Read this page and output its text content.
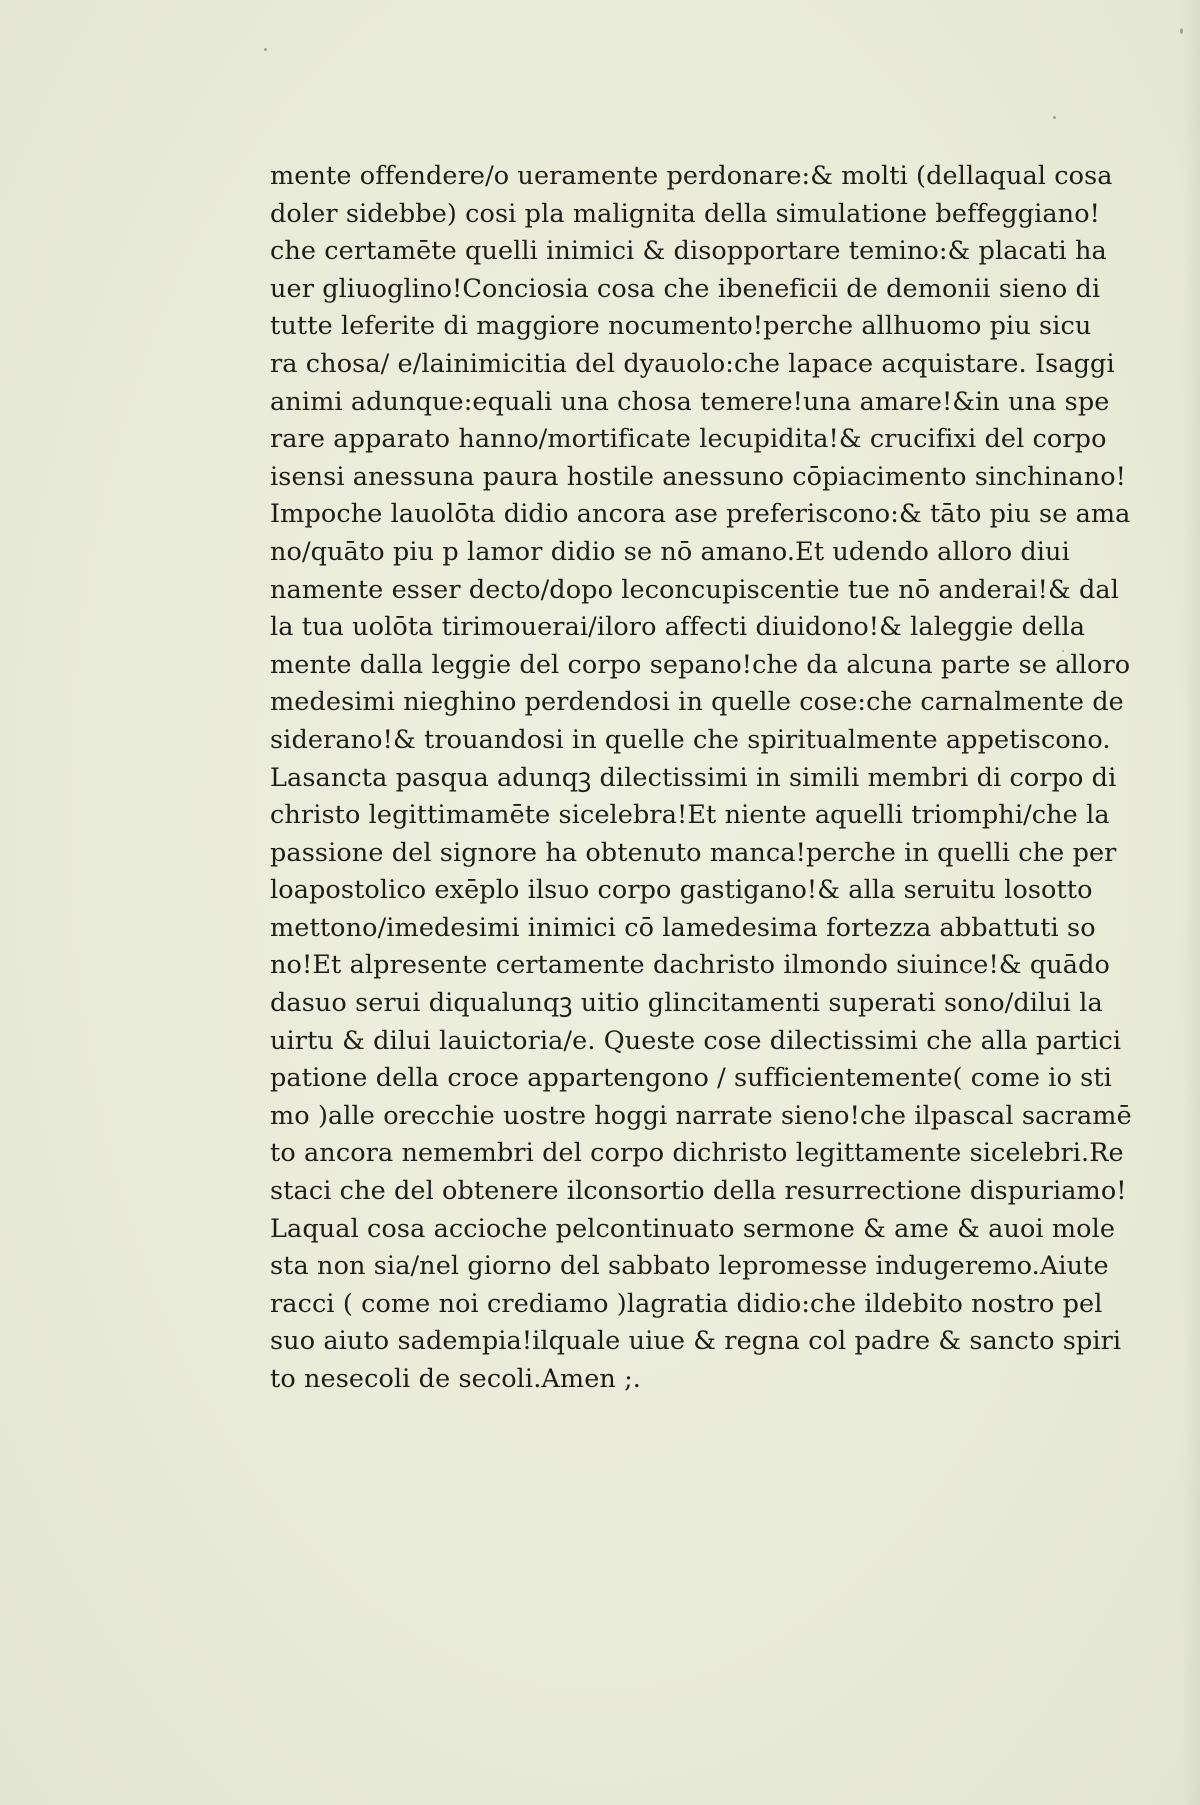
mente offendere/o ueramente perdonare:& molti (dellaqual cosa
doler sidebbe) cosi pla malignita della simulatione beffeggiano!
che certamēte quelli inimici & disopportare temino:& placati ha
uer gliuoglino!Conciosia cosa che ibeneficii de demonii sieno di
tutte leferite di maggiore nocumento!perche allhuomo piu sicu
ra chosa/ e/lainimicitia del dyauolo:che lapace acquistare. Isaggi
animi adunque:equali una chosa temere!una amare!&in una spe
rare apparato hanno/mortificate lecupidita!& crucifixi del corpo
isensi anessuna paura hostile anessuno cōpiacimento sinchinano!
Impoche lauolōta didio ancora ase preferiscono:& tāto piu se ama
no/quāto piu p lamor didio se nō amano.Et udendo alloro diui
namente esser decto/dopo leconcupiscentie tue nō anderai!& dal
la tua uolōta tirimouerai/iloro affecti diuidono!& laleggie della
mente dalla leggie del corpo sepano!che da alcuna parte se alloro
medesimi nieghino perdendosi in quelle cose:che carnalmente de
siderano!& trouandosi in quelle che spiritualmente appetiscono.
Lasancta pasqua adunqꝫ dilectissimi in simili membri di corpo di
christo legittimamēte sicelebra!Et niente aquelli triomphi/che la
passione del signore ha obtenuto manca!perche in quelli che per
loapostolico exēplo ilsuo corpo gastigano!& alla seruitu losotto
mettono/imedesimi inimici cō lamedesima fortezza abbattuti so
no!Et alpresente certamente dachristo ilmondo siuince!& quādo
dasuo serui diqualunqꝫ uitio glincitamenti superati sono/dilui la
uirtu & dilui lauictoria/e. Queste cose dilectissimi che alla partici
patione della croce appartengono / sufficientemente( come io sti
mo )alle orecchie uostre hoggi narrate sieno!che ilpascal sacramē
to ancora nemembri del corpo dichristo legittamente sicelebri.Re
staci che del obtenere ilconsortio della resurrectione dispuriamo!
Laqual cosa accioche pelcontinuato sermone & ame & auoi mole
sta non sia/nel giorno del sabbato lepromesse indugeremo.Aiute
racci ( come noi crediamo )lagratia didio:che ildebito nostro pel
suo aiuto sadempia!ilquale uiue & regna col padre & sancto spiri
to nesecoli de secoli.Amen ;.
